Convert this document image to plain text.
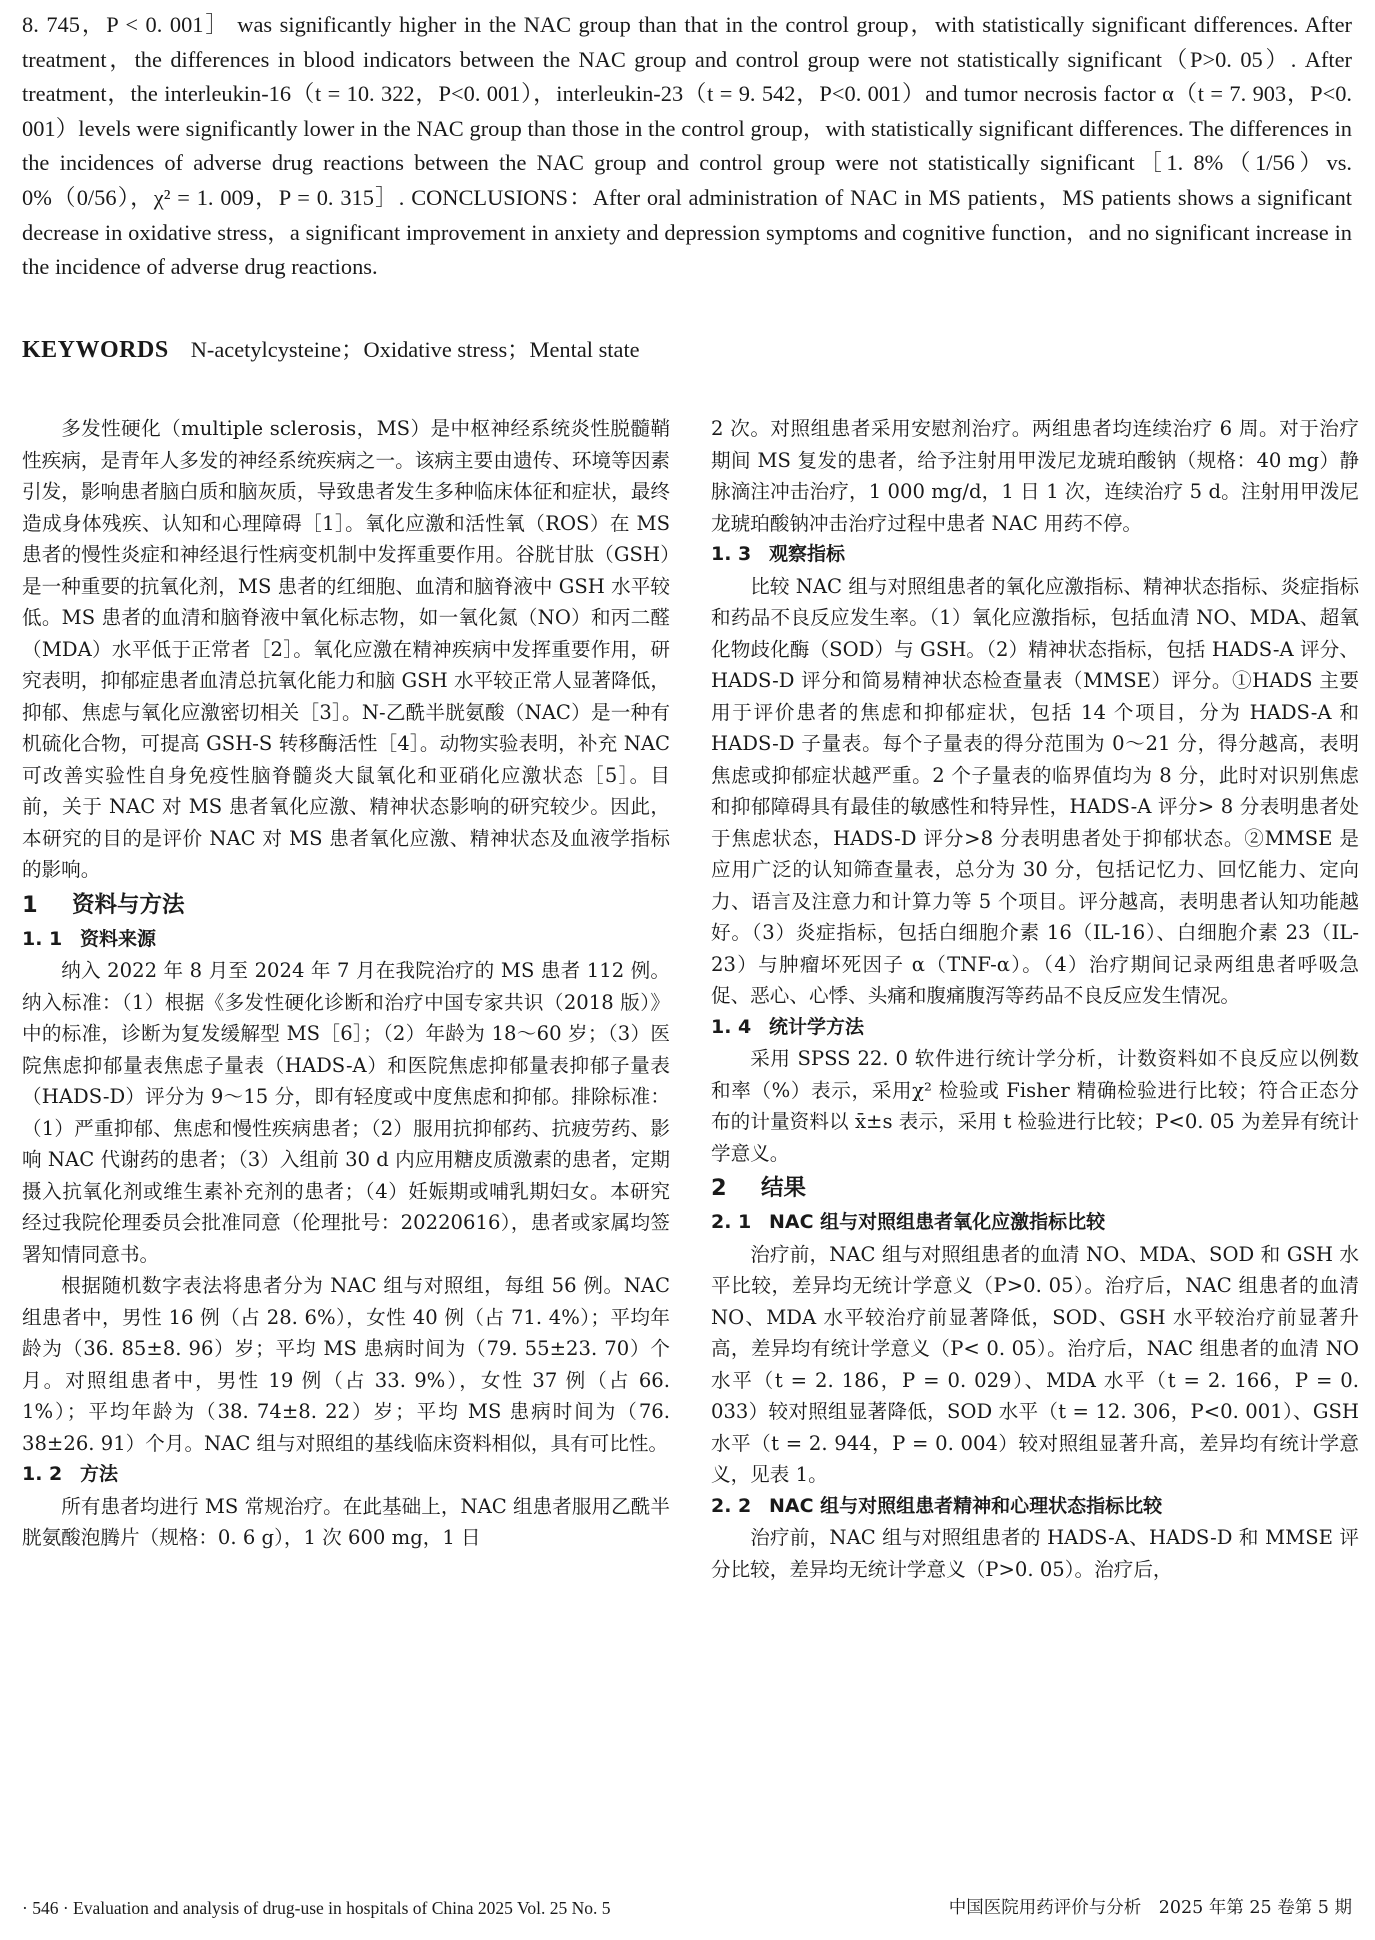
8. 745，P < 0. 001］ was significantly higher in the NAC group than that in the control group，with statistically significant differences. After treatment，the differences in blood indicators between the NAC group and control group were not statistically significant（P>0. 05）. After treatment，the interleukin-16（t = 10. 322，P<0. 001），interleukin-23（t = 9. 542，P<0. 001）and tumor necrosis factor α（t = 7. 903，P<0. 001）levels were significantly lower in the NAC group than those in the control group，with statistically significant differences. The differences in the incidences of adverse drug reactions between the NAC group and control group were not statistically significant［1. 8%（1/56）vs. 0%（0/56），χ² = 1. 009，P = 0. 315］. CONCLUSIONS：After oral administration of NAC in MS patients，MS patients shows a significant decrease in oxidative stress，a significant improvement in anxiety and depression symptoms and cognitive function，and no significant increase in the incidence of adverse drug reactions.

KEYWORDS N-acetylcysteine；Oxidative stress；Mental state

多发性硬化（multiple sclerosis，MS）是中枢神经系统炎性脱髓鞘性疾病，是青年人多发的神经系统疾病之一。该病主要由遗传、环境等因素引发，影响患者脑白质和脑灰质，导致患者发生多种临床体征和症状，最终造成身体残疾、认知和心理障碍［1］。氧化应激和活性氧（ROS）在 MS 患者的慢性炎症和神经退行性病变机制中发挥重要作用。谷胱甘肽（GSH）是一种重要的抗氧化剂，MS 患者的红细胞、血清和脑脊液中 GSH 水平较低。MS 患者的血清和脑脊液中氧化标志物，如一氧化氮（NO）和丙二醛（MDA）水平低于正常者［2］。氧化应激在精神疾病中发挥重要作用，研究表明，抑郁症患者血清总抗氧化能力和脑 GSH 水平较正常人显著降低，抑郁、焦虑与氧化应激密切相关［3］。N-乙酰半胱氨酸（NAC）是一种有机硫化合物，可提高 GSH-S 转移酶活性［4］。动物实验表明，补充 NAC 可改善实验性自身免疫性脑脊髓炎大鼠氧化和亚硝化应激状态［5］。目前，关于 NAC 对 MS 患者氧化应激、精神状态影响的研究较少。因此，本研究的目的是评价 NAC 对 MS 患者氧化应激、精神状态及血液学指标的影响。

1 资料与方法
1. 1 资料来源

纳入 2022 年 8 月至 2024 年 7 月在我院治疗的 MS 患者 112 例。纳入标准：（1）根据《多发性硬化诊断和治疗中国专家共识（2018 版）》中的标准，诊断为复发缓解型 MS［6］；（2）年龄为 18～60 岁；（3）医院焦虑抑郁量表焦虑子量表（HADS-A）和医院焦虑抑郁量表抑郁子量表（HADS-D）评分为 9～15 分，即有轻度或中度焦虑和抑郁。排除标准：（1）严重抑郁、焦虑和慢性疾病患者；（2）服用抗抑郁药、抗疲劳药、影响 NAC 代谢药的患者；（3）入组前 30 d 内应用糖皮质激素的患者，定期摄入抗氧化剂或维生素补充剂的患者；（4）妊娠期或哺乳期妇女。本研究经过我院伦理委员会批准同意（伦理批号：20220616），患者或家属均签署知情同意书。

根据随机数字表法将患者分为 NAC 组与对照组，每组 56 例。NAC 组患者中，男性 16 例（占 28. 6%），女性 40 例（占 71. 4%）；平均年龄为（36. 85±8. 96）岁；平均 MS 患病时间为（79. 55±23. 70）个月。对照组患者中，男性 19 例（占 33. 9%），女性 37 例（占 66. 1%）；平均年龄为（38. 74±8. 22）岁；平均 MS 患病时间为（76. 38±26. 91）个月。NAC 组与对照组的基线临床资料相似，具有可比性。

1. 2 方法

所有患者均进行 MS 常规治疗。在此基础上，NAC 组患者服用乙酰半胱氨酸泡腾片（规格：0. 6 g），1 次 600 mg，1 日

2 次。对照组患者采用安慰剂治疗。两组患者均连续治疗 6 周。对于治疗期间 MS 复发的患者，给予注射用甲泼尼龙琥珀酸钠（规格：40 mg）静脉滴注冲击治疗，1 000 mg/d，1 日 1 次，连续治疗 5 d。注射用甲泼尼龙琥珀酸钠冲击治疗过程中患者 NAC 用药不停。

1. 3 观察指标

比较 NAC 组与对照组患者的氧化应激指标、精神状态指标、炎症指标和药品不良反应发生率。（1）氧化应激指标，包括血清 NO、MDA、超氧化物歧化酶（SOD）与 GSH。（2）精神状态指标，包括 HADS-A 评分、HADS-D 评分和简易精神状态检查量表（MMSE）评分。①HADS 主要用于评价患者的焦虑和抑郁症状，包括 14 个项目，分为 HADS-A 和 HADS-D 子量表。每个子量表的得分范围为 0～21 分，得分越高，表明焦虑或抑郁症状越严重。2 个子量表的临界值均为 8 分，此时对识别焦虑和抑郁障碍具有最佳的敏感性和特异性，HADS-A 评分> 8 分表明患者处于焦虑状态，HADS-D 评分>8 分表明患者处于抑郁状态。②MMSE 是应用广泛的认知筛查量表，总分为 30 分，包括记忆力、回忆能力、定向力、语言及注意力和计算力等 5 个项目。评分越高，表明患者认知功能越好。（3）炎症指标，包括白细胞介素 16（IL-16）、白细胞介素 23（IL-23）与肿瘤坏死因子 α（TNF-α）。（4）治疗期间记录两组患者呼吸急促、恶心、心悸、头痛和腹痛腹泻等药品不良反应发生情况。

1. 4 统计学方法

采用 SPSS 22. 0 软件进行统计学分析，计数资料如不良反应以例数和率（%）表示，采用χ² 检验或 Fisher 精确检验进行比较；符合正态分布的计量资料以 x̄±s 表示，采用 t 检验进行比较；P<0. 05 为差异有统计学意义。

2 结果
2. 1 NAC 组与对照组患者氧化应激指标比较

治疗前，NAC 组与对照组患者的血清 NO、MDA、SOD 和 GSH 水平比较，差异均无统计学意义（P>0. 05）。治疗后，NAC 组患者的血清 NO、MDA 水平较治疗前显著降低，SOD、GSH 水平较治疗前显著升高，差异均有统计学意义（P< 0. 05）。治疗后，NAC 组患者的血清 NO 水平（t = 2. 186，P = 0. 029）、MDA 水平（t = 2. 166，P = 0. 033）较对照组显著降低，SOD 水平（t = 12. 306，P<0. 001）、GSH 水平（t = 2. 944，P = 0. 004）较对照组显著升高，差异均有统计学意义，见表 1。

2. 2 NAC 组与对照组患者精神和心理状态指标比较

治疗前，NAC 组与对照组患者的 HADS-A、HADS-D 和 MMSE 评分比较，差异均无统计学意义（P>0. 05）。治疗后，

· 546 · Evaluation and analysis of drug-use in hospitals of China 2025 Vol. 25 No. 5	中国医院用药评价与分析　2025 年第 25 卷第 5 期
